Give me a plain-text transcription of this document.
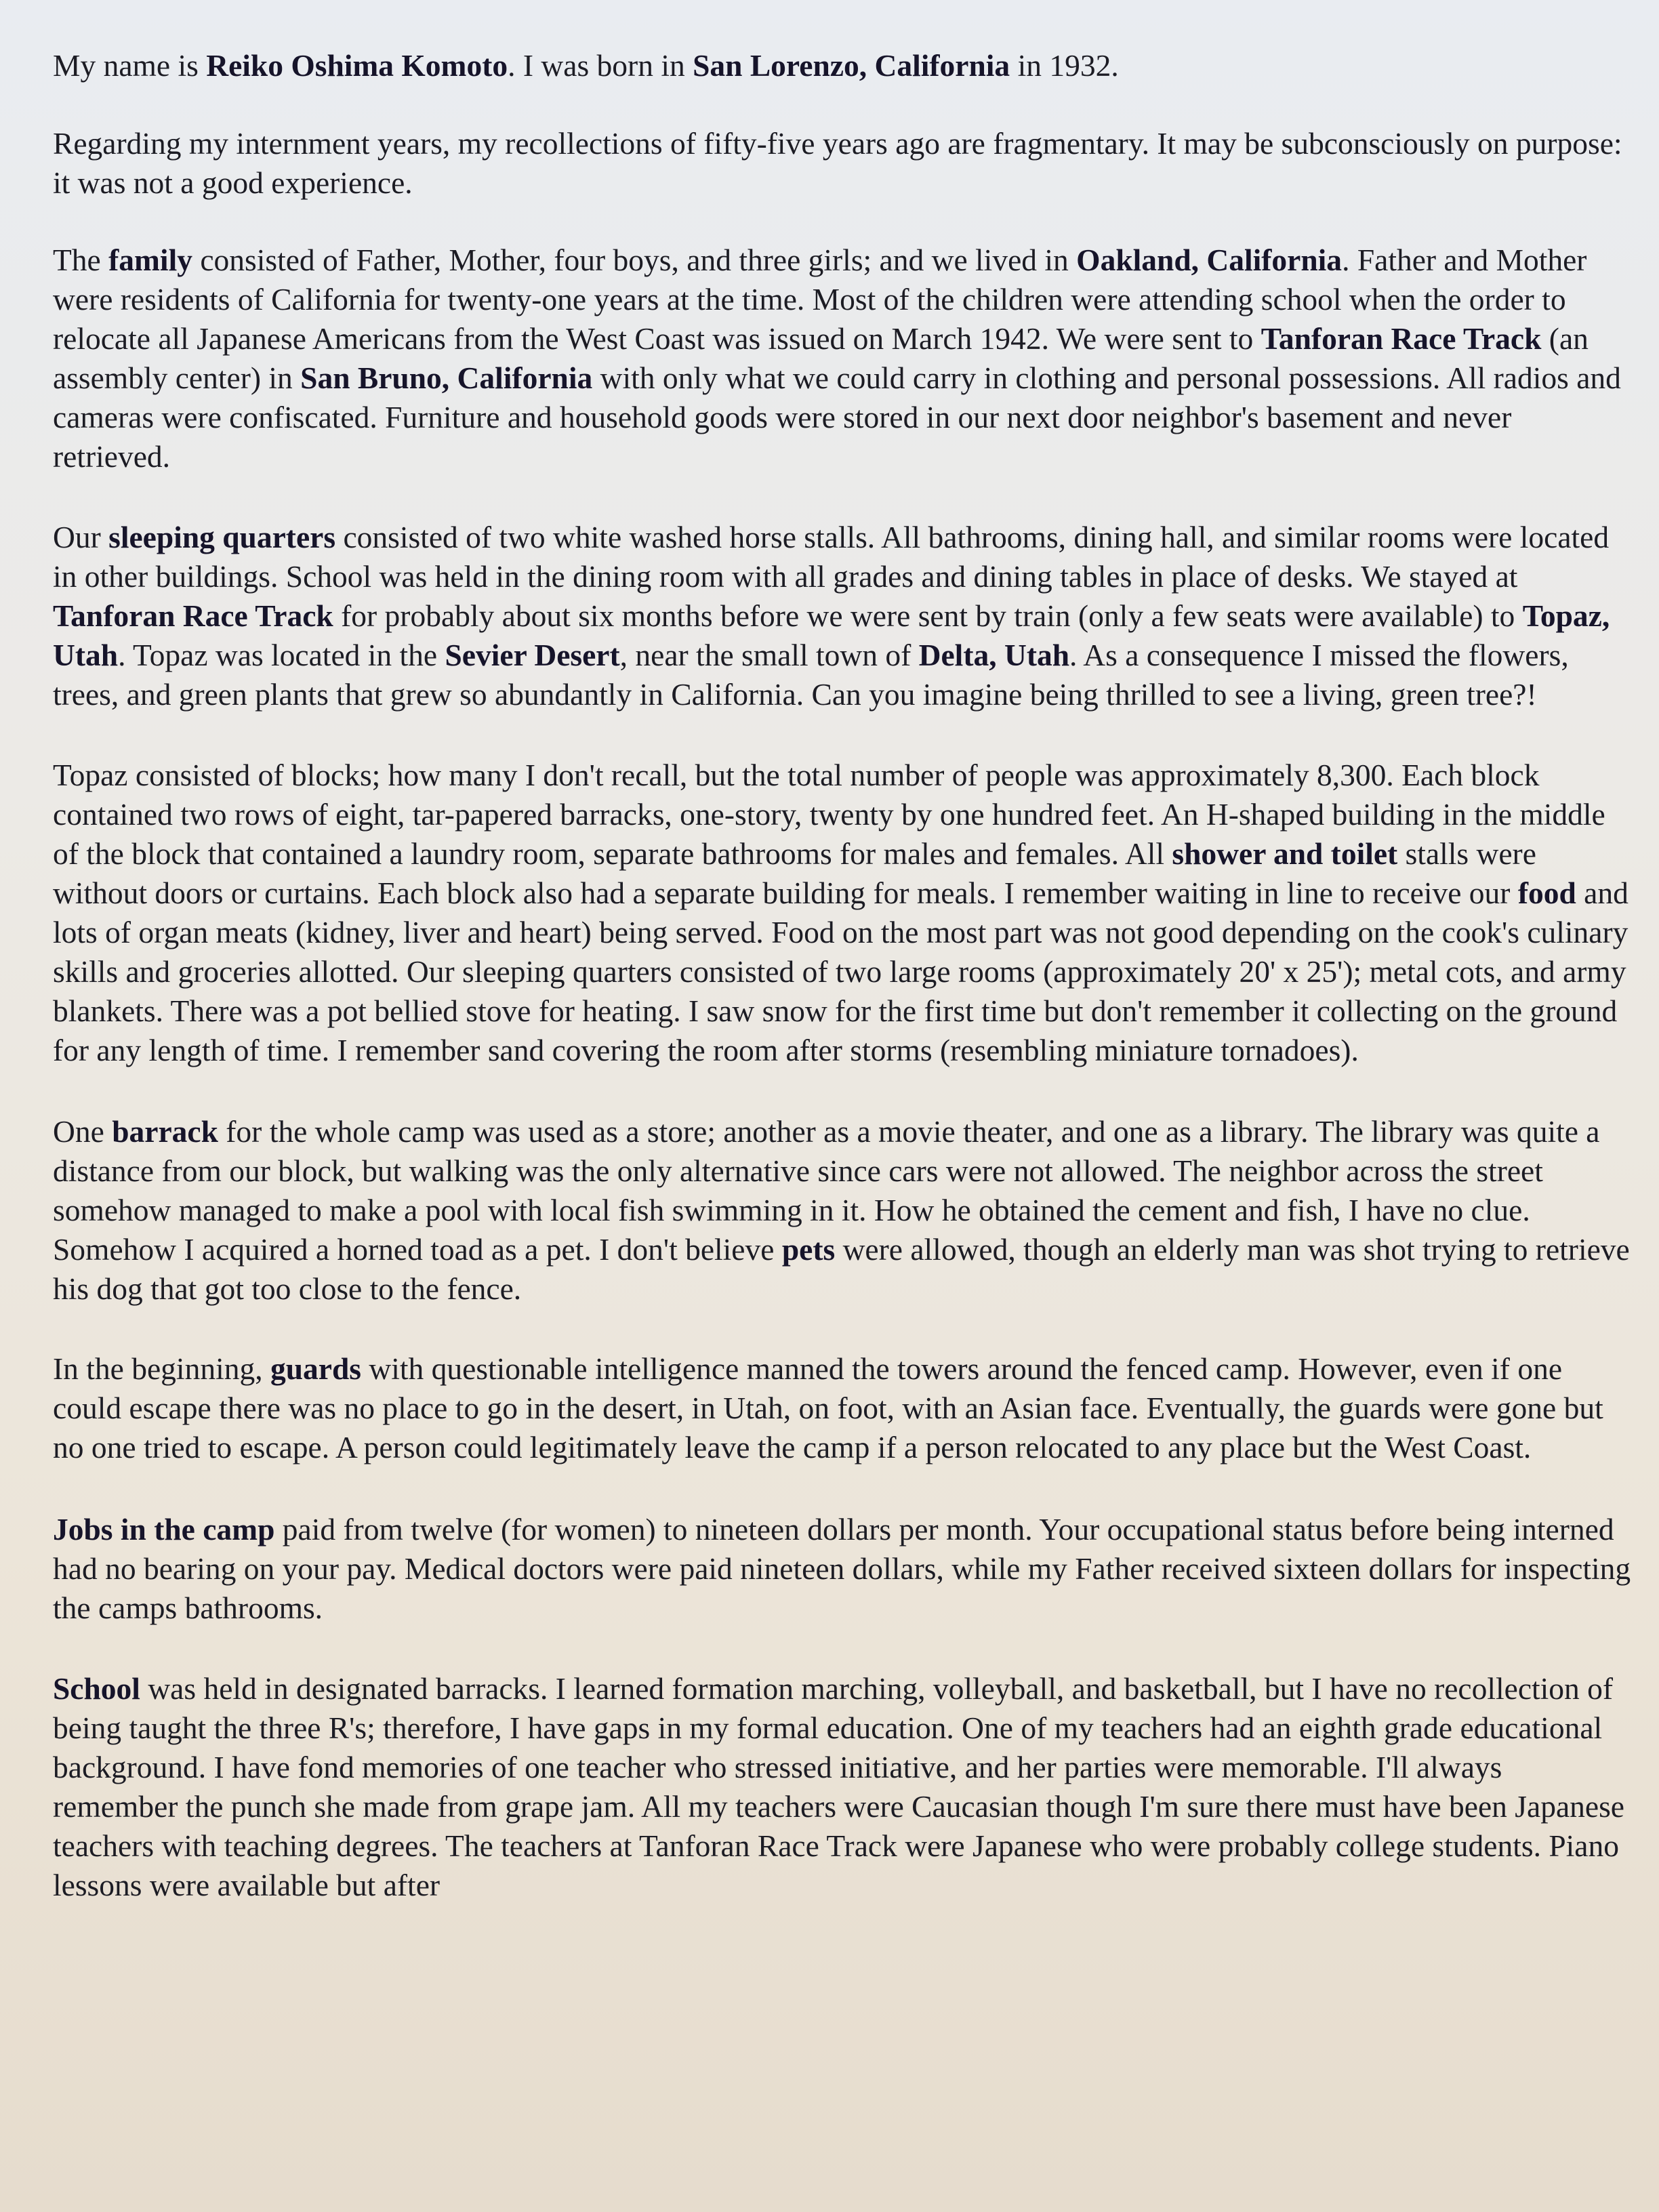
My name is Reiko Oshima Komoto. I was born in San Lorenzo, California in 1932.

Regarding my internment years, my recollections of fifty-five years ago are fragmentary. It may be subconsciously on purpose: it was not a good experience.

The family consisted of Father, Mother, four boys, and three girls; and we lived in Oakland, California. Father and Mother were residents of California for twenty-one years at the time. Most of the children were attending school when the order to relocate all Japanese Americans from the West Coast was issued on March 1942. We were sent to Tanforan Race Track (an assembly center) in San Bruno, California with only what we could carry in clothing and personal possessions. All radios and cameras were confiscated. Furniture and household goods were stored in our next door neighbor's basement and never retrieved.

Our sleeping quarters consisted of two white washed horse stalls. All bathrooms, dining hall, and similar rooms were located in other buildings. School was held in the dining room with all grades and dining tables in place of desks. We stayed at Tanforan Race Track for probably about six months before we were sent by train (only a few seats were available) to Topaz, Utah. Topaz was located in the Sevier Desert, near the small town of Delta, Utah. As a consequence I missed the flowers, trees, and green plants that grew so abundantly in California. Can you imagine being thrilled to see a living, green tree?!

Topaz consisted of blocks; how many I don't recall, but the total number of people was approximately 8,300. Each block contained two rows of eight, tar-papered barracks, one-story, twenty by one hundred feet. An H-shaped building in the middle of the block that contained a laundry room, separate bathrooms for males and females. All shower and toilet stalls were without doors or curtains. Each block also had a separate building for meals. I remember waiting in line to receive our food and lots of organ meats (kidney, liver and heart) being served. Food on the most part was not good depending on the cook's culinary skills and groceries allotted. Our sleeping quarters consisted of two large rooms (approximately 20' x 25'); metal cots, and army blankets. There was a pot bellied stove for heating. I saw snow for the first time but don't remember it collecting on the ground for any length of time. I remember sand covering the room after storms (resembling miniature tornadoes).

One barrack for the whole camp was used as a store; another as a movie theater, and one as a library. The library was quite a distance from our block, but walking was the only alternative since cars were not allowed. The neighbor across the street somehow managed to make a pool with local fish swimming in it. How he obtained the cement and fish, I have no clue. Somehow I acquired a horned toad as a pet. I don't believe pets were allowed, though an elderly man was shot trying to retrieve his dog that got too close to the fence.

In the beginning, guards with questionable intelligence manned the towers around the fenced camp. However, even if one could escape there was no place to go in the desert, in Utah, on foot, with an Asian face. Eventually, the guards were gone but no one tried to escape. A person could legitimately leave the camp if a person relocated to any place but the West Coast.

Jobs in the camp paid from twelve (for women) to nineteen dollars per month. Your occupational status before being interned had no bearing on your pay. Medical doctors were paid nineteen dollars, while my Father received sixteen dollars for inspecting the camps bathrooms.

School was held in designated barracks. I learned formation marching, volleyball, and basketball, but I have no recollection of being taught the three R's; therefore, I have gaps in my formal education. One of my teachers had an eighth grade educational background. I have fond memories of one teacher who stressed initiative, and her parties were memorable. I'll always remember the punch she made from grape jam. All my teachers were Caucasian though I'm sure there must have been Japanese teachers with teaching degrees. The teachers at Tanforan Race Track were Japanese who were probably college students. Piano lessons were available but after
